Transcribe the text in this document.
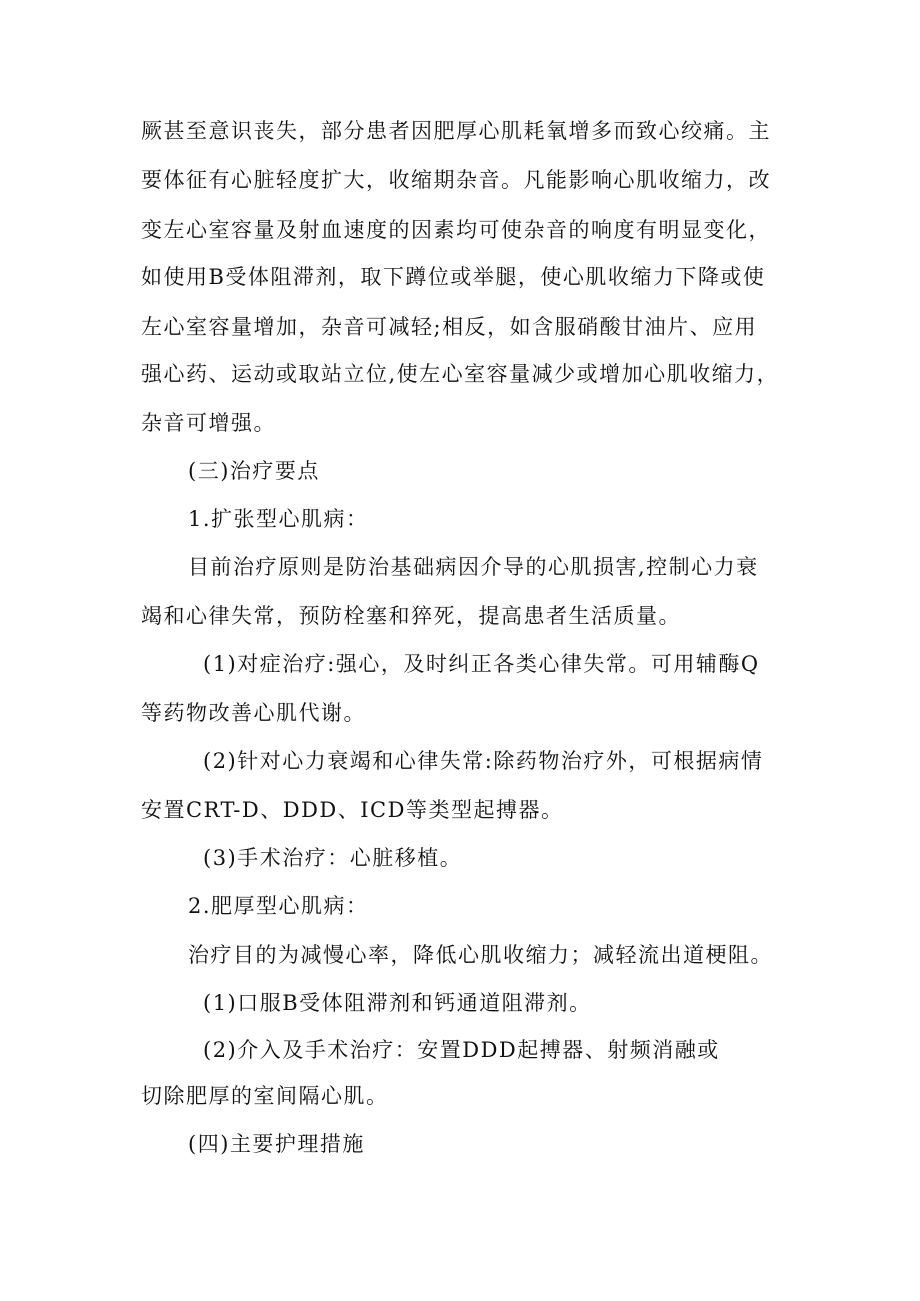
厥甚至意识丧失，部分患者因肥厚心肌耗氧增多而致心绞痛。主
要体征有心脏轻度扩大，收缩期杂音。凡能影响心肌收缩力，改
变左心室容量及射血速度的因素均可使杂音的响度有明显变化，
如使用B受体阻滞剂，取下蹲位或举腿，使心肌收缩力下降或使
左心室容量增加，杂音可减轻;相反，如含服硝酸甘油片、应用
强心药、运动或取站立位,使左心室容量减少或增加心肌收缩力，
杂音可增强。
(三)治疗要点
1.扩张型心肌病：
目前治疗原则是防治基础病因介导的心肌损害,控制心力衰
竭和心律失常，预防栓塞和猝死，提高患者生活质量。
(1)对症治疗:强心，及时纠正各类心律失常。可用辅酶Q
等药物改善心肌代谢。
(2)针对心力衰竭和心律失常:除药物治疗外，可根据病情
安置CRT-D、DDD、ICD等类型起搏器。
(3)手术治疗：心脏移植。
2.肥厚型心肌病：
治疗目的为减慢心率，降低心肌收缩力；减轻流出道梗阻。
(1)口服B受体阻滞剂和钙通道阻滞剂。
(2)介入及手术治疗：安置DDD起搏器、射频消融或
切除肥厚的室间隔心肌。
(四)主要护理措施
